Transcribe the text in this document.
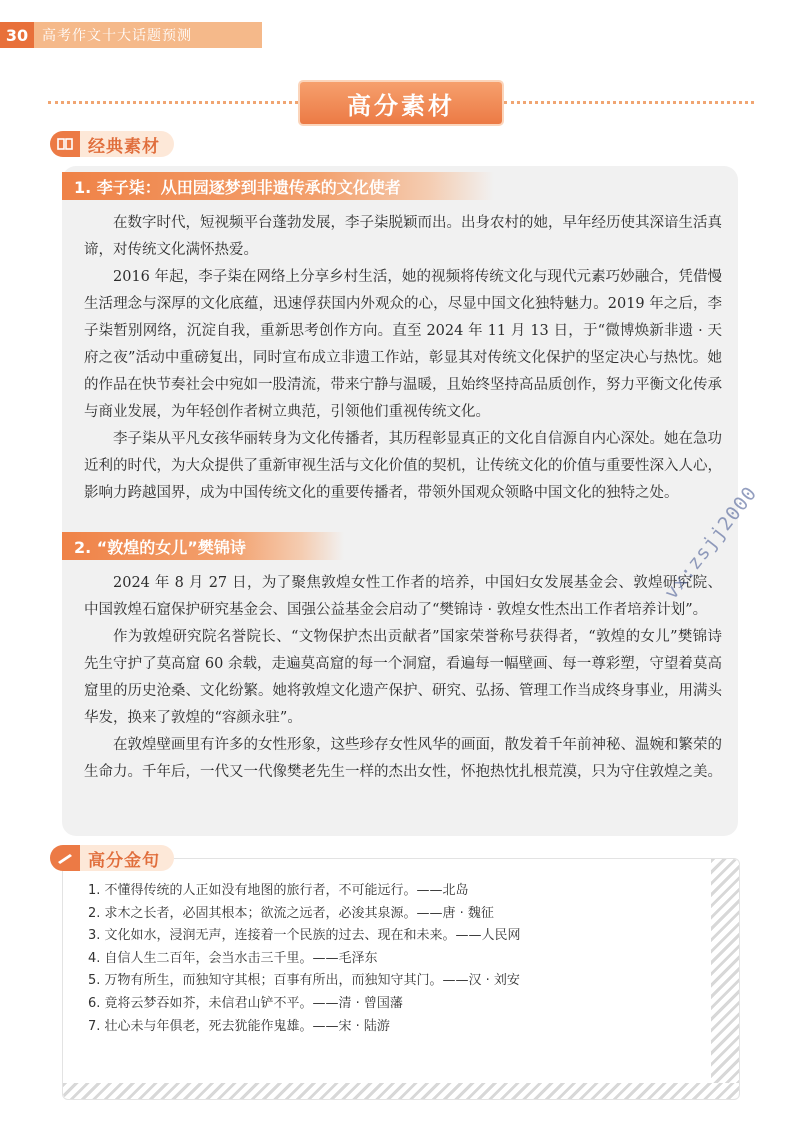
30 高考作文十大话题预测
高分素材
经典素材
1. 李子柒：从田园逐梦到非遗传承的文化使者

在数字时代，短视频平台蓬勃发展，李子柒脱颖而出。出身农村的她，早年经历使其深谙生活真谛，对传统文化满怀热爱。

2016 年起，李子柒在网络上分享乡村生活，她的视频将传统文化与现代元素巧妙融合，凭借慢生活理念与深厚的文化底蕴，迅速俘获国内外观众的心，尽显中国文化独特魅力。2019 年之后，李子柒暂别网络，沉淀自我，重新思考创作方向。直至 2024 年 11 月 13 日，于“微博焕新非遗 · 天府之夜”活动中重磅复出，同时宣布成立非遗工作站，彰显其对传统文化保护的坚定决心与热忱。她的作品在快节奏社会中宛如一股清流，带来宁静与温暖，且始终坚持高品质创作，努力平衡文化传承与商业发展，为年轻创作者树立典范，引领他们重视传统文化。

李子柒从平凡女孩华丽转身为文化传播者，其历程彰显真正的文化自信源自内心深处。她在急功近利的时代，为大众提供了重新审视生活与文化价值的契机，让传统文化的价值与重要性深入人心，影响力跨越国界，成为中国传统文化的重要传播者，带领外国观众领略中国文化的独特之处。

2. “敦煌的女儿”樊锦诗

2024 年 8 月 27 日，为了聚焦敦煌女性工作者的培养，中国妇女发展基金会、敦煌研究院、中国敦煌石窟保护研究基金会、国强公益基金会启动了“樊锦诗 · 敦煌女性杰出工作者培养计划”。

作为敦煌研究院名誉院长、“文物保护杰出贡献者”国家荣誉称号获得者，“敦煌的女儿”樊锦诗先生守护了莫高窟 60 余载，走遍莫高窟的每一个洞窟，看遍每一幅壁画、每一尊彩塑，守望着莫高窟里的历史沧桑、文化纷繁。她将敦煌文化遗产保护、研究、弘扬、管理工作当成终身事业，用满头华发，换来了敦煌的“容颜永驻”。

在敦煌壁画里有许多的女性形象，这些珍存女性风华的画面，散发着千年前神秘、温婉和繁荣的生命力。千年后，一代又一代像樊老先生一样的杰出女性，怀抱热忱扎根荒漠，只为守住敦煌之美。

高分金句
1. 不懂得传统的人正如没有地图的旅行者，不可能远行。——北岛
2. 求木之长者，必固其根本；欲流之远者，必浚其泉源。——唐 · 魏征
3. 文化如水，浸润无声，连接着一个民族的过去、现在和未来。——人民网
4. 自信人生二百年，会当水击三千里。——毛泽东
5. 万物有所生，而独知守其根；百事有所出，而独知守其门。——汉 · 刘安
6. 竟将云梦吞如芥，未信君山铲不平。——清 · 曾国藩
7. 壮心未与年俱老，死去犹能作鬼雄。——宋 · 陆游
vx:zsjj2000
